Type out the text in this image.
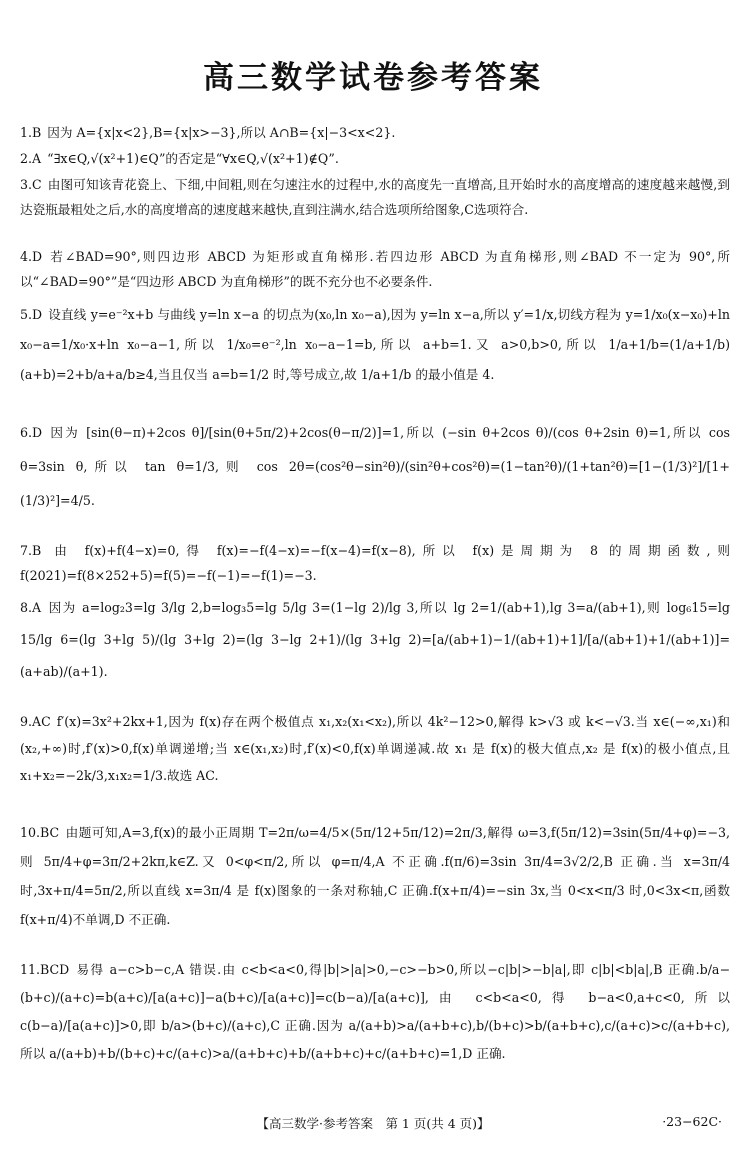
高三数学试卷参考答案
1.B 因为 A={x|x<2},B={x|x>−3},所以 A∩B={x|−3<x<2}.
2.A “∃x∈Q,√(x²+1)∈Q”的否定是“∀x∈Q,√(x²+1)∉Q”.
3.C 由图可知该青花瓷上、下细,中间粗,则在匀速注水的过程中,水的高度先一直增高,且开始时水的高度增高的速度越来越慢,到达瓷瓶最粗处之后,水的高度增高的速度越来越快,直到注满水,结合选项所给图象,C选项符合.
4.D 若∠BAD=90°,则四边形 ABCD 为矩形或直角梯形.若四边形 ABCD 为直角梯形,则∠BAD 不一定为 90°,所以“∠BAD=90°”是“四边形 ABCD 为直角梯形”的既不充分也不必要条件.
5.D 设直线 y=e⁻²x+b 与曲线 y=ln x−a 的切点为(x₀,ln x₀−a),因为 y=ln x−a,所以 y′=1/x,切线方程为 y=1/x₀(x−x₀)+ln x₀−a=1/x₀·x+ln x₀−a−1,所以 1/x₀=e⁻²,ln x₀−a−1=b,所以 a+b=1.又 a>0,b>0,所以 1/a+1/b=(1/a+1/b)(a+b)=2+b/a+a/b≥4,当且仅当 a=b=1/2 时,等号成立,故 1/a+1/b 的最小值是 4.
6.D 因为 [sin(θ−π)+2cos θ]/[sin(θ+5π/2)+2cos(θ−π/2)]=1,所以 (−sin θ+2cos θ)/(cos θ+2sin θ)=1,所以 cos θ=3sin θ,所以 tan θ=1/3,则 cos 2θ=(cos²θ−sin²θ)/(sin²θ+cos²θ)=(1−tan²θ)/(1+tan²θ)=[1−(1/3)²]/[1+(1/3)²]=4/5.
7.B 由 f(x)+f(4−x)=0,得 f(x)=−f(4−x)=−f(x−4)=f(x−8),所以 f(x)是周期为 8 的周期函数,则 f(2021)=f(8×252+5)=f(5)=−f(−1)=−f(1)=−3.
8.A 因为 a=log₂3=lg 3/lg 2,b=log₃5=lg 5/lg 3=(1−lg 2)/lg 3,所以 lg 2=1/(ab+1),lg 3=a/(ab+1),则 log₆15=lg 15/lg 6=(lg 3+lg 5)/(lg 3+lg 2)=(lg 3−lg 2+1)/(lg 3+lg 2)=[a/(ab+1)−1/(ab+1)+1]/[a/(ab+1)+1/(ab+1)]=(a+ab)/(a+1).
9.AC f′(x)=3x²+2kx+1,因为 f(x)存在两个极值点 x₁,x₂(x₁<x₂),所以 4k²−12>0,解得 k>√3 或 k<−√3.当 x∈(−∞,x₁)和(x₂,+∞)时,f′(x)>0,f(x)单调递增;当 x∈(x₁,x₂)时,f′(x)<0,f(x)单调递减.故 x₁ 是 f(x)的极大值点,x₂ 是 f(x)的极小值点,且 x₁+x₂=−2k/3,x₁x₂=1/3.故选 AC.
10.BC 由题可知,A=3,f(x)的最小正周期 T=2π/ω=4/5×(5π/12+5π/12)=2π/3,解得 ω=3,f(5π/12)=3sin(5π/4+φ)=−3,则 5π/4+φ=3π/2+2kπ,k∈Z.又 0<φ<π/2,所以 φ=π/4,A 不正确.f(π/6)=3sin 3π/4=3√2/2,B 正确.当 x=3π/4 时,3x+π/4=5π/2,所以直线 x=3π/4 是 f(x)图象的一条对称轴,C 正确.f(x+π/4)=−sin 3x,当 0<x<π/3 时,0<3x<π,函数 f(x+π/4)不单调,D 不正确.
11.BCD 易得 a−c>b−c,A 错误.由 c<b<a<0,得|b|>|a|>0,−c>−b>0,所以−c|b|>−b|a|,即 c|b|<b|a|,B 正确.b/a−(b+c)/(a+c)=b(a+c)/[a(a+c)]−a(b+c)/[a(a+c)]=c(b−a)/[a(a+c)],由 c<b<a<0,得 b−a<0,a+c<0,所以 c(b−a)/[a(a+c)]>0,即 b/a>(b+c)/(a+c),C 正确.因为 a/(a+b)>a/(a+b+c),b/(b+c)>b/(a+b+c),c/(a+c)>c/(a+b+c),所以 a/(a+b)+b/(b+c)+c/(a+c)>a/(a+b+c)+b/(a+b+c)+c/(a+b+c)=1,D 正确.
【高三数学·参考答案　第 1 页(共 4 页)】	·23−62C·
